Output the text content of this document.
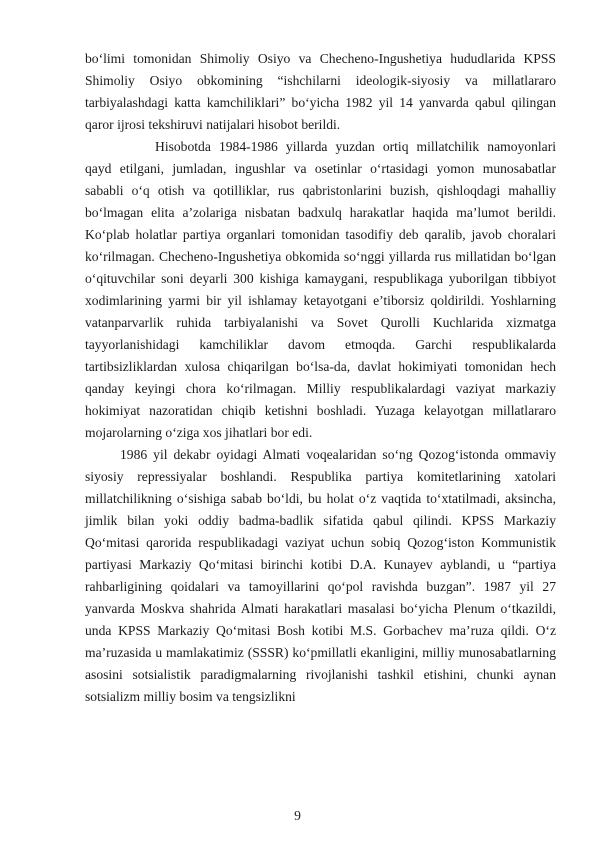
bo‘limi tomonidan Shimoliy Osiyo va Checheno-Ingushetiya hududlarida KPSS Shimoliy Osiyo obkomining “ishchilarni ideologik-siyosiy va millatlararo tarbiyalashdagi katta kamchiliklari” bo‘yicha 1982 yil 14 yanvarda qabul qilingan qaror ijrosi tekshiruvi natijalari hisobot berildi.

Hisobotda 1984-1986 yillarda yuzdan ortiq millatchilik namoyonlari qayd etilgani, jumladan, ingushlar va osetinlar o‘rtasidagi yomon munosabatlar sababli o‘q otish va qotilliklar, rus qabristonlarini buzish, qishloqdagi mahalliy bo‘lmagan elita a’zolariga nisbatan badxulq harakatlar haqida ma’lumot berildi. Ko‘plab holatlar partiya organlari tomonidan tasodifiy deb qaralib, javob choralari ko‘rilmagan. Checheno-Ingushetiya obkomida so‘nggi yillarda rus millatidan bo‘lgan o‘qituvchilar soni deyarli 300 kishiga kamaygani, respublikaga yuborilgan tibbiyot xodimlarining yarmi bir yil ishlamay ketayotgani e’tiborsiz qoldirildi. Yoshlarning vatanparvarlik ruhida tarbiyalanishi va Sovet Qurolli Kuchlarida xizmatga tayyorlanishidagi kamchiliklar davom etmoqda. Garchi respublikalarda tartibsizliklardan xulosa chiqarilgan bo‘lsa-da, davlat hokimiyati tomonidan hech qanday keyingi chora ko‘rilmagan. Milliy respublikalardagi vaziyat markaziy hokimiyat nazoratidan chiqib ketishni boshladi. Yuzaga kelayotgan millatlararo mojarolarning o‘ziga xos jihatlari bor edi.

1986 yil dekabr oyidagi Almati voqealaridan so‘ng Qozog‘istonda ommaviy siyosiy repressiyalar boshlandi. Respublika partiya komitetlarining xatolari millatchilikning o‘sishiga sabab bo‘ldi, bu holat o‘z vaqtida to‘xtatilmadi, aksincha, jimlik bilan yoki oddiy badma-badlik sifatida qabul qilindi. KPSS Markaziy Qo‘mitasi qarorida respublikadagi vaziyat uchun sobiq Qozog‘iston Kommunistik partiyasi Markaziy Qo‘mitasi birinchi kotibi D.A. Kunayev ayblandi, u “partiya rahbarligining qoidalari va tamoyillarini qo‘pol ravishda buzgan”. 1987 yil 27 yanvarda Moskva shahrida Almati harakatlari masalasi bo‘yicha Plenum o‘tkazildi, unda KPSS Markaziy Qo‘mitasi Bosh kotibi M.S. Gorbachev ma’ruza qildi. O‘z ma’ruzasida u mamlakatimiz (SSSR) ko‘pmillatli ekanligini, milliy munosabatlarning asosini sotsialistik paradigmalarning rivojlanishi tashkil etishini, chunki aynan sotsializm milliy bosim va tengsizlikni

9
